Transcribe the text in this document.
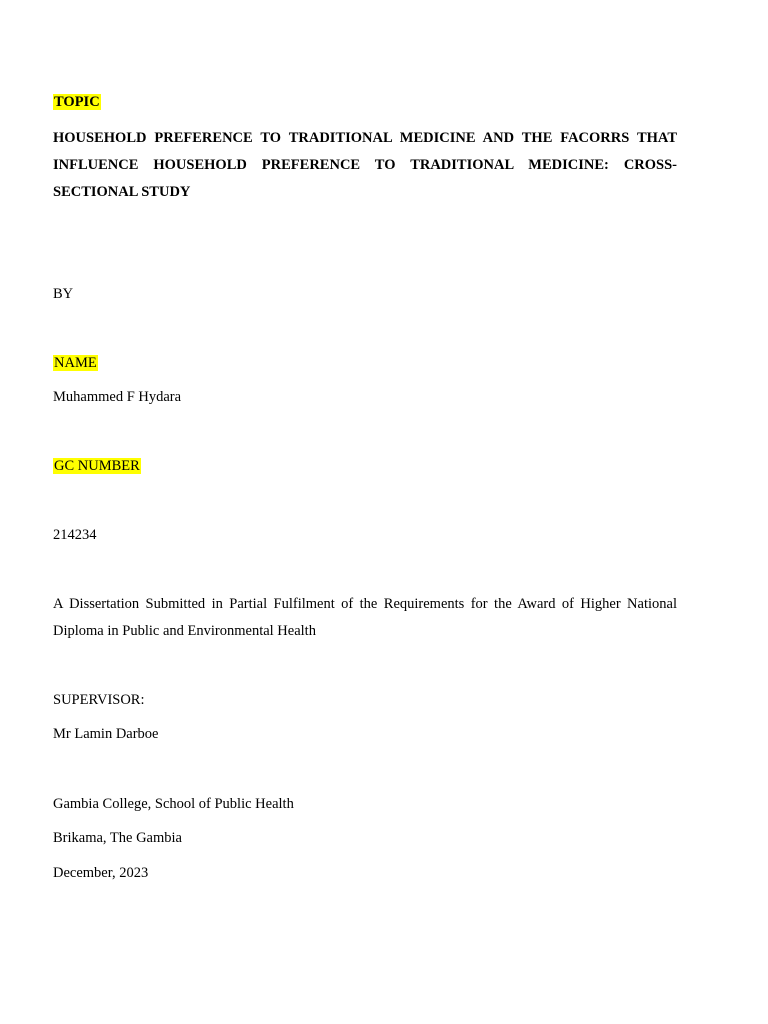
TOPIC
HOUSEHOLD PREFERENCE TO TRADITIONAL MEDICINE AND THE FACORRS THAT
INFLUENCE HOUSEHOLD PREFERENCE TO TRADITIONAL MEDICINE: CROSS-
SECTIONAL STUDY
BY
NAME
Muhammed F Hydara
GC NUMBER
214234
A Dissertation Submitted in Partial Fulfilment of the Requirements for the Award of Higher National
Diploma in Public and Environmental Health
SUPERVISOR:
Mr Lamin Darboe
Gambia College, School of Public Health
Brikama, The Gambia
December, 2023
